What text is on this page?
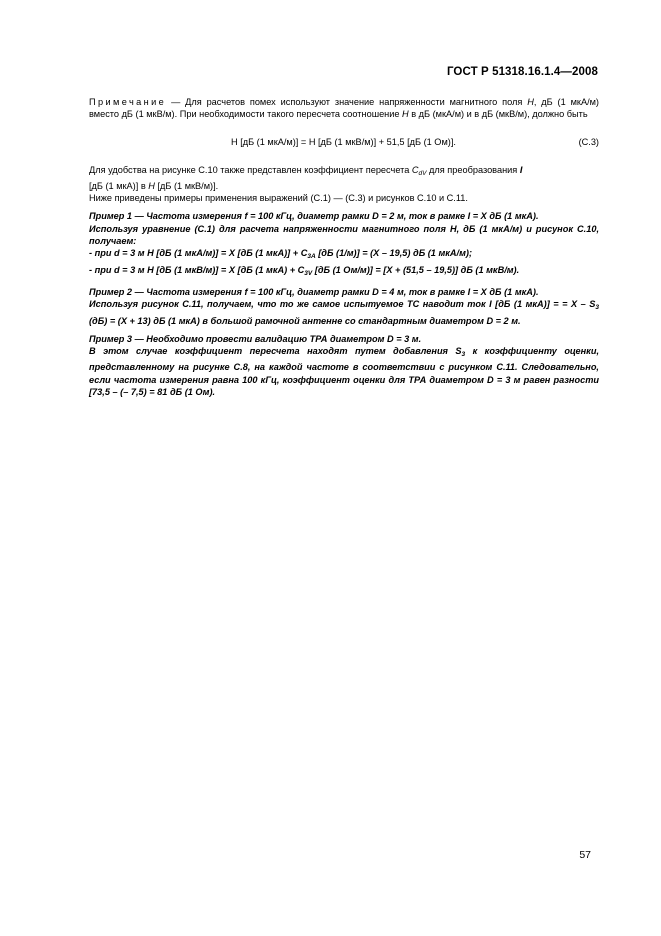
ГОСТ Р 51318.16.1.4—2008

Примечание — Для расчетов помех используют значение напряженности магнитного поля H, дБ (1 мкА/м) вместо дБ (1 мкВ/м). При необходимости такого пересчета соотношение H в дБ (мкА/м) и в дБ (мкВ/м), должно быть

H [дБ (1 мкА/м)] = H [дБ (1 мкВ/м)] + 51,5 [дБ (1 Ом)].	(С.3)

Для удобства на рисунке С.10 также представлен коэффициент пересчета $C_{dV}$ для преобразования I
[дБ (1 мкА)] в H [дБ (1 мкВ/м)].

Ниже приведены примеры применения выражений (С.1) — (С.3) и рисунков С.10 и С.11.

Пример 1 — Частота измерения f = 100 кГц, диаметр рамки D = 2 м, ток в рамке I = X дБ (1 мкА).

Используя уравнение (С.1) для расчета напряженности магнитного поля H, дБ (1 мкА/м) и рисунок С.10, получаем:

- при d = 3 м H [дБ (1 мкА/м)] = X [дБ (1 $мкА)] + C_{3А}$ [дБ (1/м)] = (X – 19,5) дБ (1 мкА/м);

- при d = 3 м H [дБ (1 мкВ/м)] = X [дБ (1 $мкА) + C_{3V}$ [дБ (1 Ом/м)] = [X + (51,5 – 19,5)] дБ (1 мкВ/м).

Пример 2 — Частота измерения f = 100 кГц, диаметр рамки D = 4 м, ток в рамке I = X дБ (1 мкА).

Используя рисунок С.11, получаем, что то же самое испытуемое ТС наводит ток I [дБ (1 мкА)] = = X – $S_3$ (дБ) = (X + 13) дБ (1 мкА) в большой рамочной антенне со стандартным диаметром D = 2 м.

Пример 3 — Необходимо провести валидацию ТРА диаметром D = 3 м.

В этом случае коэффициент пересчета находят путем добавления $S_3$ к коэффициенту оценки, представленному на рисунке С.8, на каждой частоте в соответствии с рисунком С.11. Следовательно, если частота измерения равна 100 кГц, коэффициент оценки для ТРА диаметром D = 3 м равен разности [73,5 – (– 7,5) = 81 дБ (1 Ом).

57
